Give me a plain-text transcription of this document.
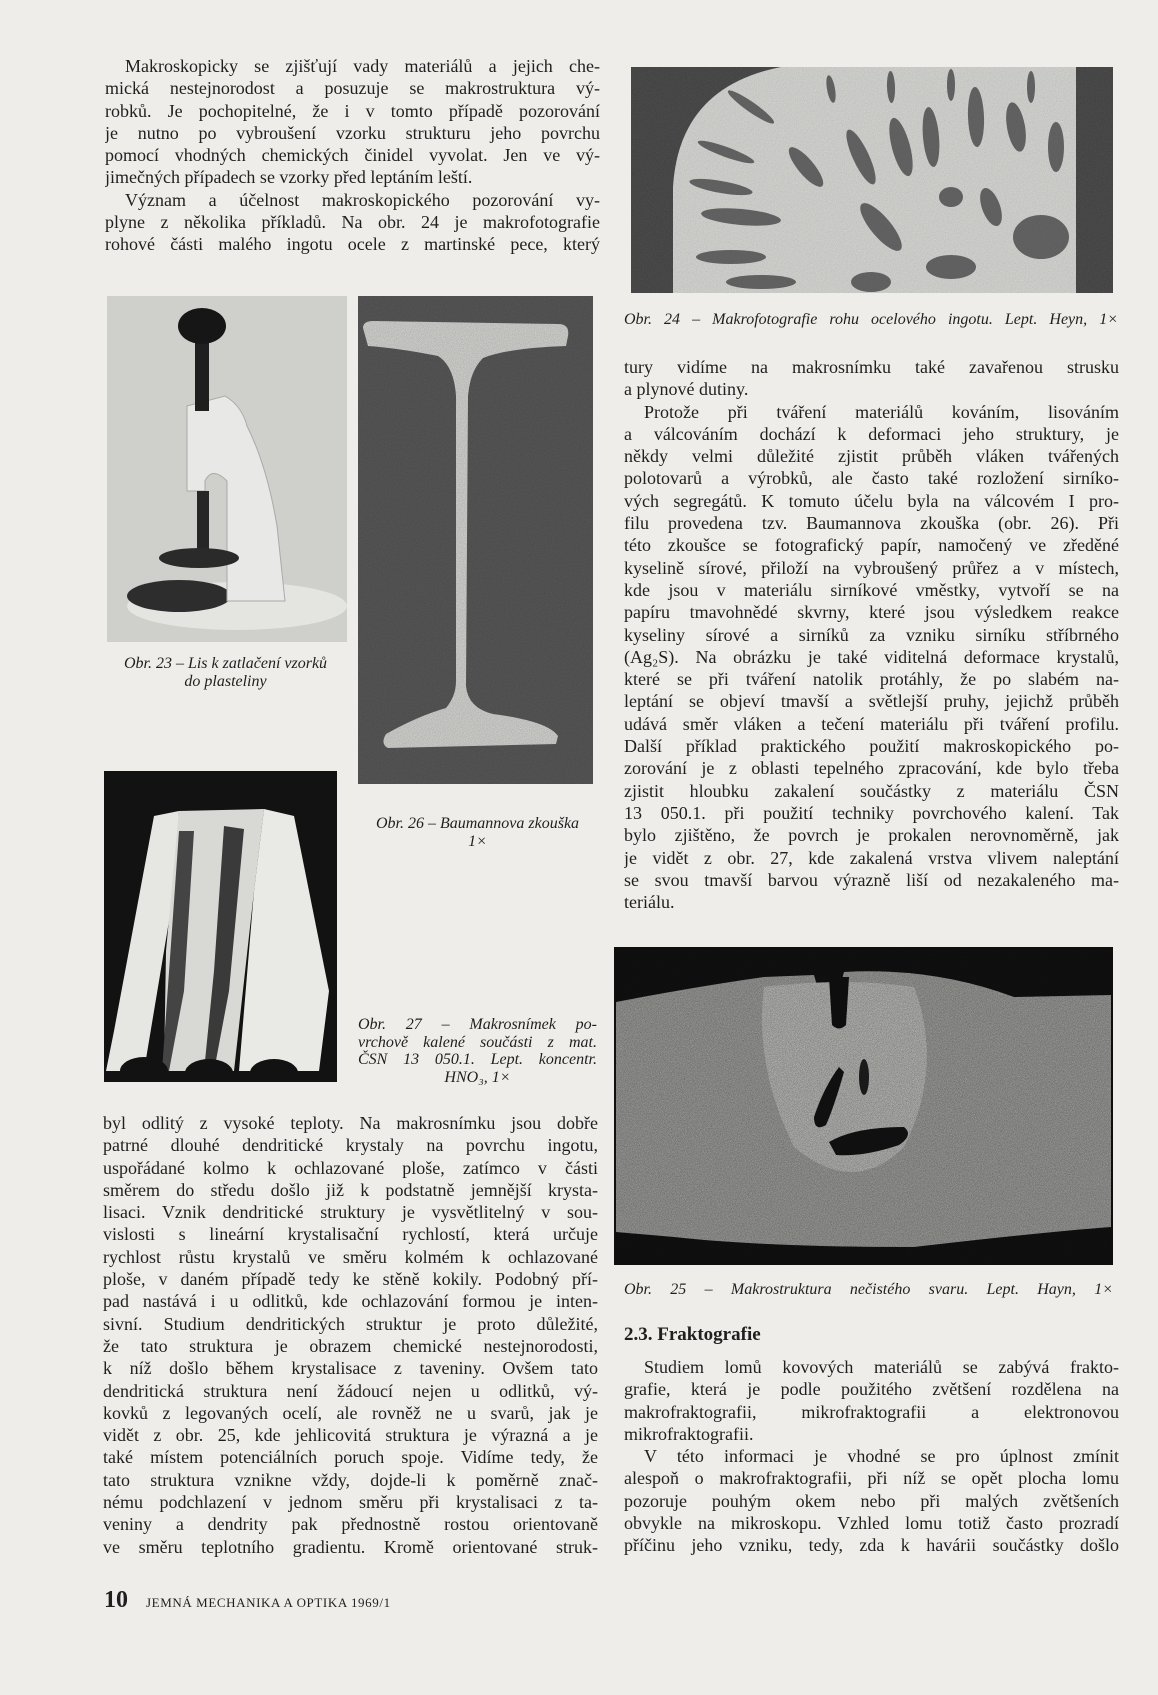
Makroskopicky se zjišťují vady materiálů a jejich che-
mická nestejnorodost a posuzuje se makrostruktura vý-
robků. Je pochopitelné, že i v tomto případě pozorování
je nutno po vybroušení vzorku strukturu jeho povrchu
pomocí vhodných chemických činidel vyvolat. Jen ve vý-
jimečných případech se vzorky před leptáním leští.
Význam a účelnost makroskopického pozorování vy-
plyne z několika příkladů. Na obr. 24 je makrofotografie
rohové části malého ingotu ocele z martinské pece, který
byl odlitý z vysoké teploty. Na makrosnímku jsou dobře
patrné dlouhé dendritické krystaly na povrchu ingotu,
uspořádané kolmo k ochlazované ploše, zatímco v části
směrem do středu došlo již k podstatně jemnější krysta-
lisaci. Vznik dendritické struktury je vysvětlitelný v sou-
vislosti s lineární krystalisační rychlostí, která určuje
rychlost růstu krystalů ve směru kolmém k ochlazované
ploše, v daném případě tedy ke stěně kokily. Podobný pří-
pad nastává i u odlitků, kde ochlazování formou je inten-
sivní. Studium dendritických struktur je proto důležité,
že tato struktura je obrazem chemické nestejnorodosti,
k níž došlo během krystalisace z taveniny. Ovšem tato
dendritická struktura není žádoucí nejen u odlitků, vý-
kovků z legovaných ocelí, ale rovněž ne u svarů, jak je
vidět z obr. 25, kde jehlicovitá struktura je výrazná a je
také místem potenciálních poruch spoje. Vidíme tedy, že
tato struktura vznikne vždy, dojde-li k poměrně znač-
nému podchlazení v jednom směru při krystalisaci z ta-
veniny a dendrity pak přednostně rostou orientovaně
ve směru teplotního gradientu. Kromě orientované struk-
tury vidíme na makrosnímku také zavařenou strusku
a plynové dutiny.
Protože při tváření materiálů kováním, lisováním
a válcováním dochází k deformaci jeho struktury, je
někdy velmi důležité zjistit průběh vláken tvářených
polotovarů a výrobků, ale často také rozložení sirníko-
vých segregátů. K tomuto účelu byla na válcovém I pro-
filu provedena tzv. Baumannova zkouška (obr. 26). Při
této zkoušce se fotografický papír, namočený ve zředěné
kyselině sírové, přiloží na vybroušený průřez a v místech,
kde jsou v materiálu sirníkové vměstky, vytvoří se na
papíru tmavohnědé skvrny, které jsou výsledkem reakce
kyseliny sírové a sirníků za vzniku sirníku stříbrného
(Ag₂S). Na obrázku je také viditelná deformace krystalů,
které se při tváření natolik protáhly, že po slabém na-
leptání se objeví tmavší a světlejší pruhy, jejichž průběh
udává směr vláken a tečení materiálu při tváření profilu.
Další příklad praktického použití makroskopického po-
zorování je z oblasti tepelného zpracování, kde bylo třeba
zjistit hloubku zakalení součástky z materiálu ČSN
13 050.1. při použití techniky povrchového kalení. Tak
bylo zjištěno, že povrch je prokalen nerovnoměrně, jak
je vidět z obr. 27, kde zakalená vrstva vlivem naleptání
se svou tmavší barvou výrazně liší od nezakaleného ma-
teriálu.
2.3. Fraktografie
Studiem lomů kovových materiálů se zabývá frakto-
grafie, která je podle použitého zvětšení rozdělena na
makrofraktografii, mikrofraktografii a elektronovou
mikrofraktografii.
V této informaci je vhodné se pro úplnost zmínit
alespoň o makrofraktografii, při níž se opět plocha lomu
pozoruje pouhým okem nebo při malých zvětšeních
obvykle na mikroskopu. Vzhled lomu totiž často prozradí
příčinu jeho vzniku, tedy, zda k havárii součástky došlo
Obr. 24 – Makrofotografie rohu ocelového ingotu. Lept. Heyn, 1×
Obr. 23 – Lis k zatlačení vzorků
do plasteliny
Obr. 26 – Baumannova zkouška
1×
Obr. 27 – Makrosnímek po-
vrchově kalené součásti z mat.
ČSN 13 050.1. Lept. koncentr.
HNO₃, 1×
Obr. 25 – Makrostruktura nečistého svaru. Lept. Hayn, 1×
10 JEMNÁ MECHANIKA A OPTIKA 1969/1
